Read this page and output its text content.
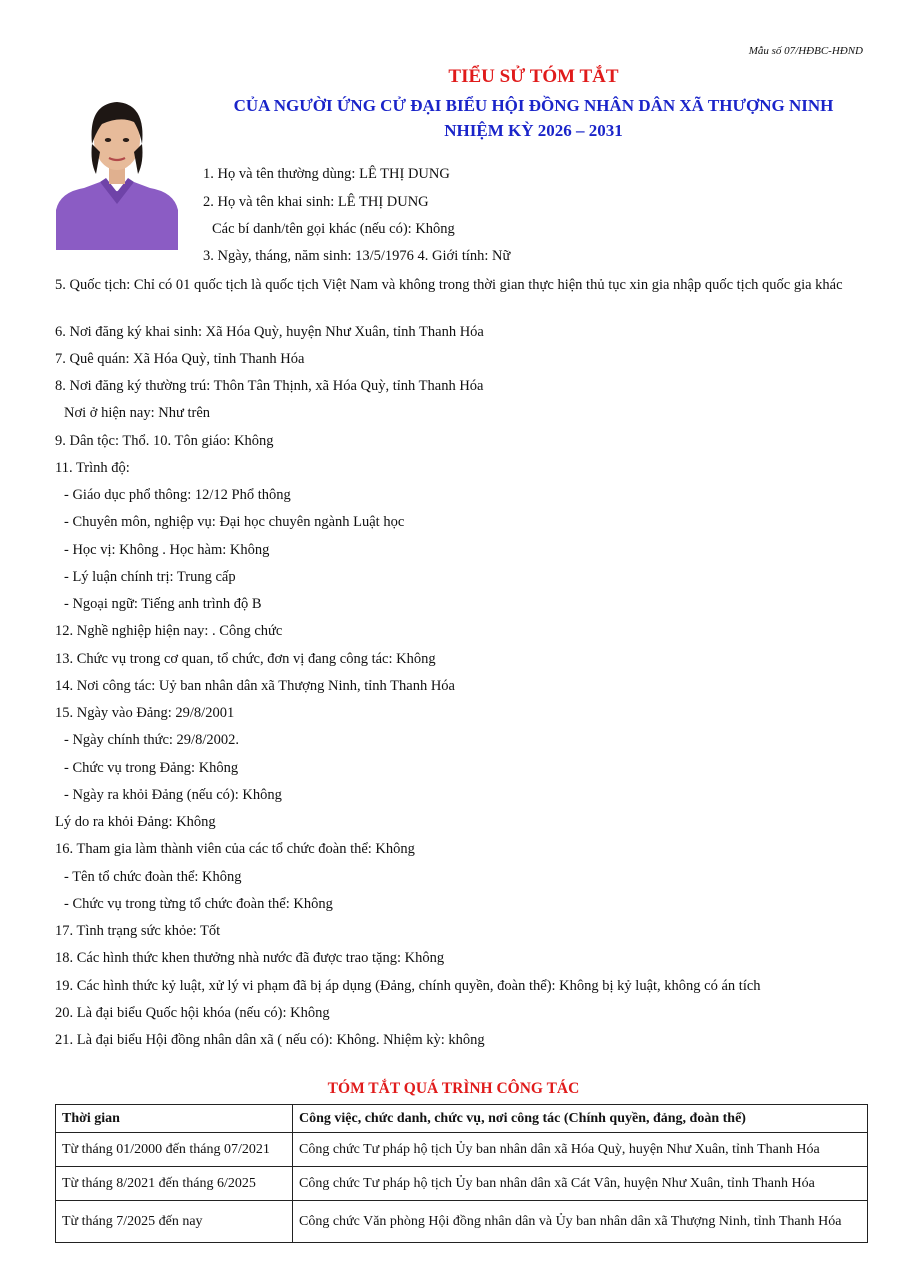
Mẫu số 07/HĐBC-HĐND
TIỂU SỬ TÓM TẮT
CỦA NGƯỜI ỨNG CỬ ĐẠI BIỂU HỘI ĐỒNG NHÂN DÂN XÃ THƯỢNG NINH
NHIỆM KỲ 2026 – 2031
1. Họ và tên thường dùng: LÊ THỊ DUNG
2. Họ và tên khai sinh: LÊ THỊ DUNG
Các bí danh/tên gọi khác (nếu có): Không
3. Ngày, tháng, năm sinh: 13/5/1976 4. Giới tính: Nữ
5. Quốc tịch: Chỉ có 01 quốc tịch là quốc tịch Việt Nam và không trong thời gian thực hiện thủ tục xin gia nhập quốc tịch quốc gia khác
6. Nơi đăng ký khai sinh: Xã Hóa Quỳ, huyện Như Xuân, tỉnh Thanh Hóa
7. Quê quán: Xã Hóa Quỳ, tỉnh Thanh Hóa
8. Nơi đăng ký thường trú: Thôn Tân Thịnh, xã Hóa Quỳ, tỉnh Thanh Hóa
Nơi ở hiện nay: Như trên
9. Dân tộc: Thổ. 10. Tôn giáo: Không
11. Trình độ:
- Giáo dục phổ thông: 12/12 Phổ thông
- Chuyên môn, nghiệp vụ: Đại học chuyên ngành Luật học
- Học vị: Không . Học hàm: Không
- Lý luận chính trị: Trung cấp
- Ngoại ngữ: Tiếng anh trình độ B
12. Nghề nghiệp hiện nay: . Công chức
13. Chức vụ trong cơ quan, tổ chức, đơn vị đang công tác: Không
14. Nơi công tác: Uỷ ban nhân dân xã Thượng Ninh, tỉnh Thanh Hóa
15. Ngày vào Đảng: 29/8/2001
- Ngày chính thức: 29/8/2002.
- Chức vụ trong Đảng: Không
- Ngày ra khỏi Đảng (nếu có): Không
Lý do ra khỏi Đảng: Không
16. Tham gia làm thành viên của các tổ chức đoàn thể: Không
- Tên tổ chức đoàn thể: Không
- Chức vụ trong từng tổ chức đoàn thể: Không
17. Tình trạng sức khỏe: Tốt
18. Các hình thức khen thưởng nhà nước đã được trao tặng: Không
19. Các hình thức kỷ luật, xử lý vi phạm đã bị áp dụng (Đảng, chính quyền, đoàn thể): Không bị kỷ luật, không có án tích
20. Là đại biểu Quốc hội khóa (nếu có): Không
21. Là đại biểu Hội đồng nhân dân xã ( nếu có): Không. Nhiệm kỳ: không
TÓM TẮT QUÁ TRÌNH CÔNG TÁC
Thời gian	Công việc, chức danh, chức vụ, nơi công tác (Chính quyền, đảng, đoàn thể)
Từ tháng 01/2000 đến tháng 07/2021	Công chức Tư pháp hộ tịch Ủy ban nhân dân xã Hóa Quỳ, huyện Như Xuân, tỉnh Thanh Hóa
Từ tháng 8/2021 đến tháng 6/2025	Công chức Tư pháp hộ tịch Ủy ban nhân dân xã Cát Vân, huyện Như Xuân, tỉnh Thanh Hóa
Từ tháng 7/2025 đến nay	Công chức Văn phòng Hội đồng nhân dân và Ủy ban nhân dân xã Thượng Ninh, tỉnh Thanh Hóa
